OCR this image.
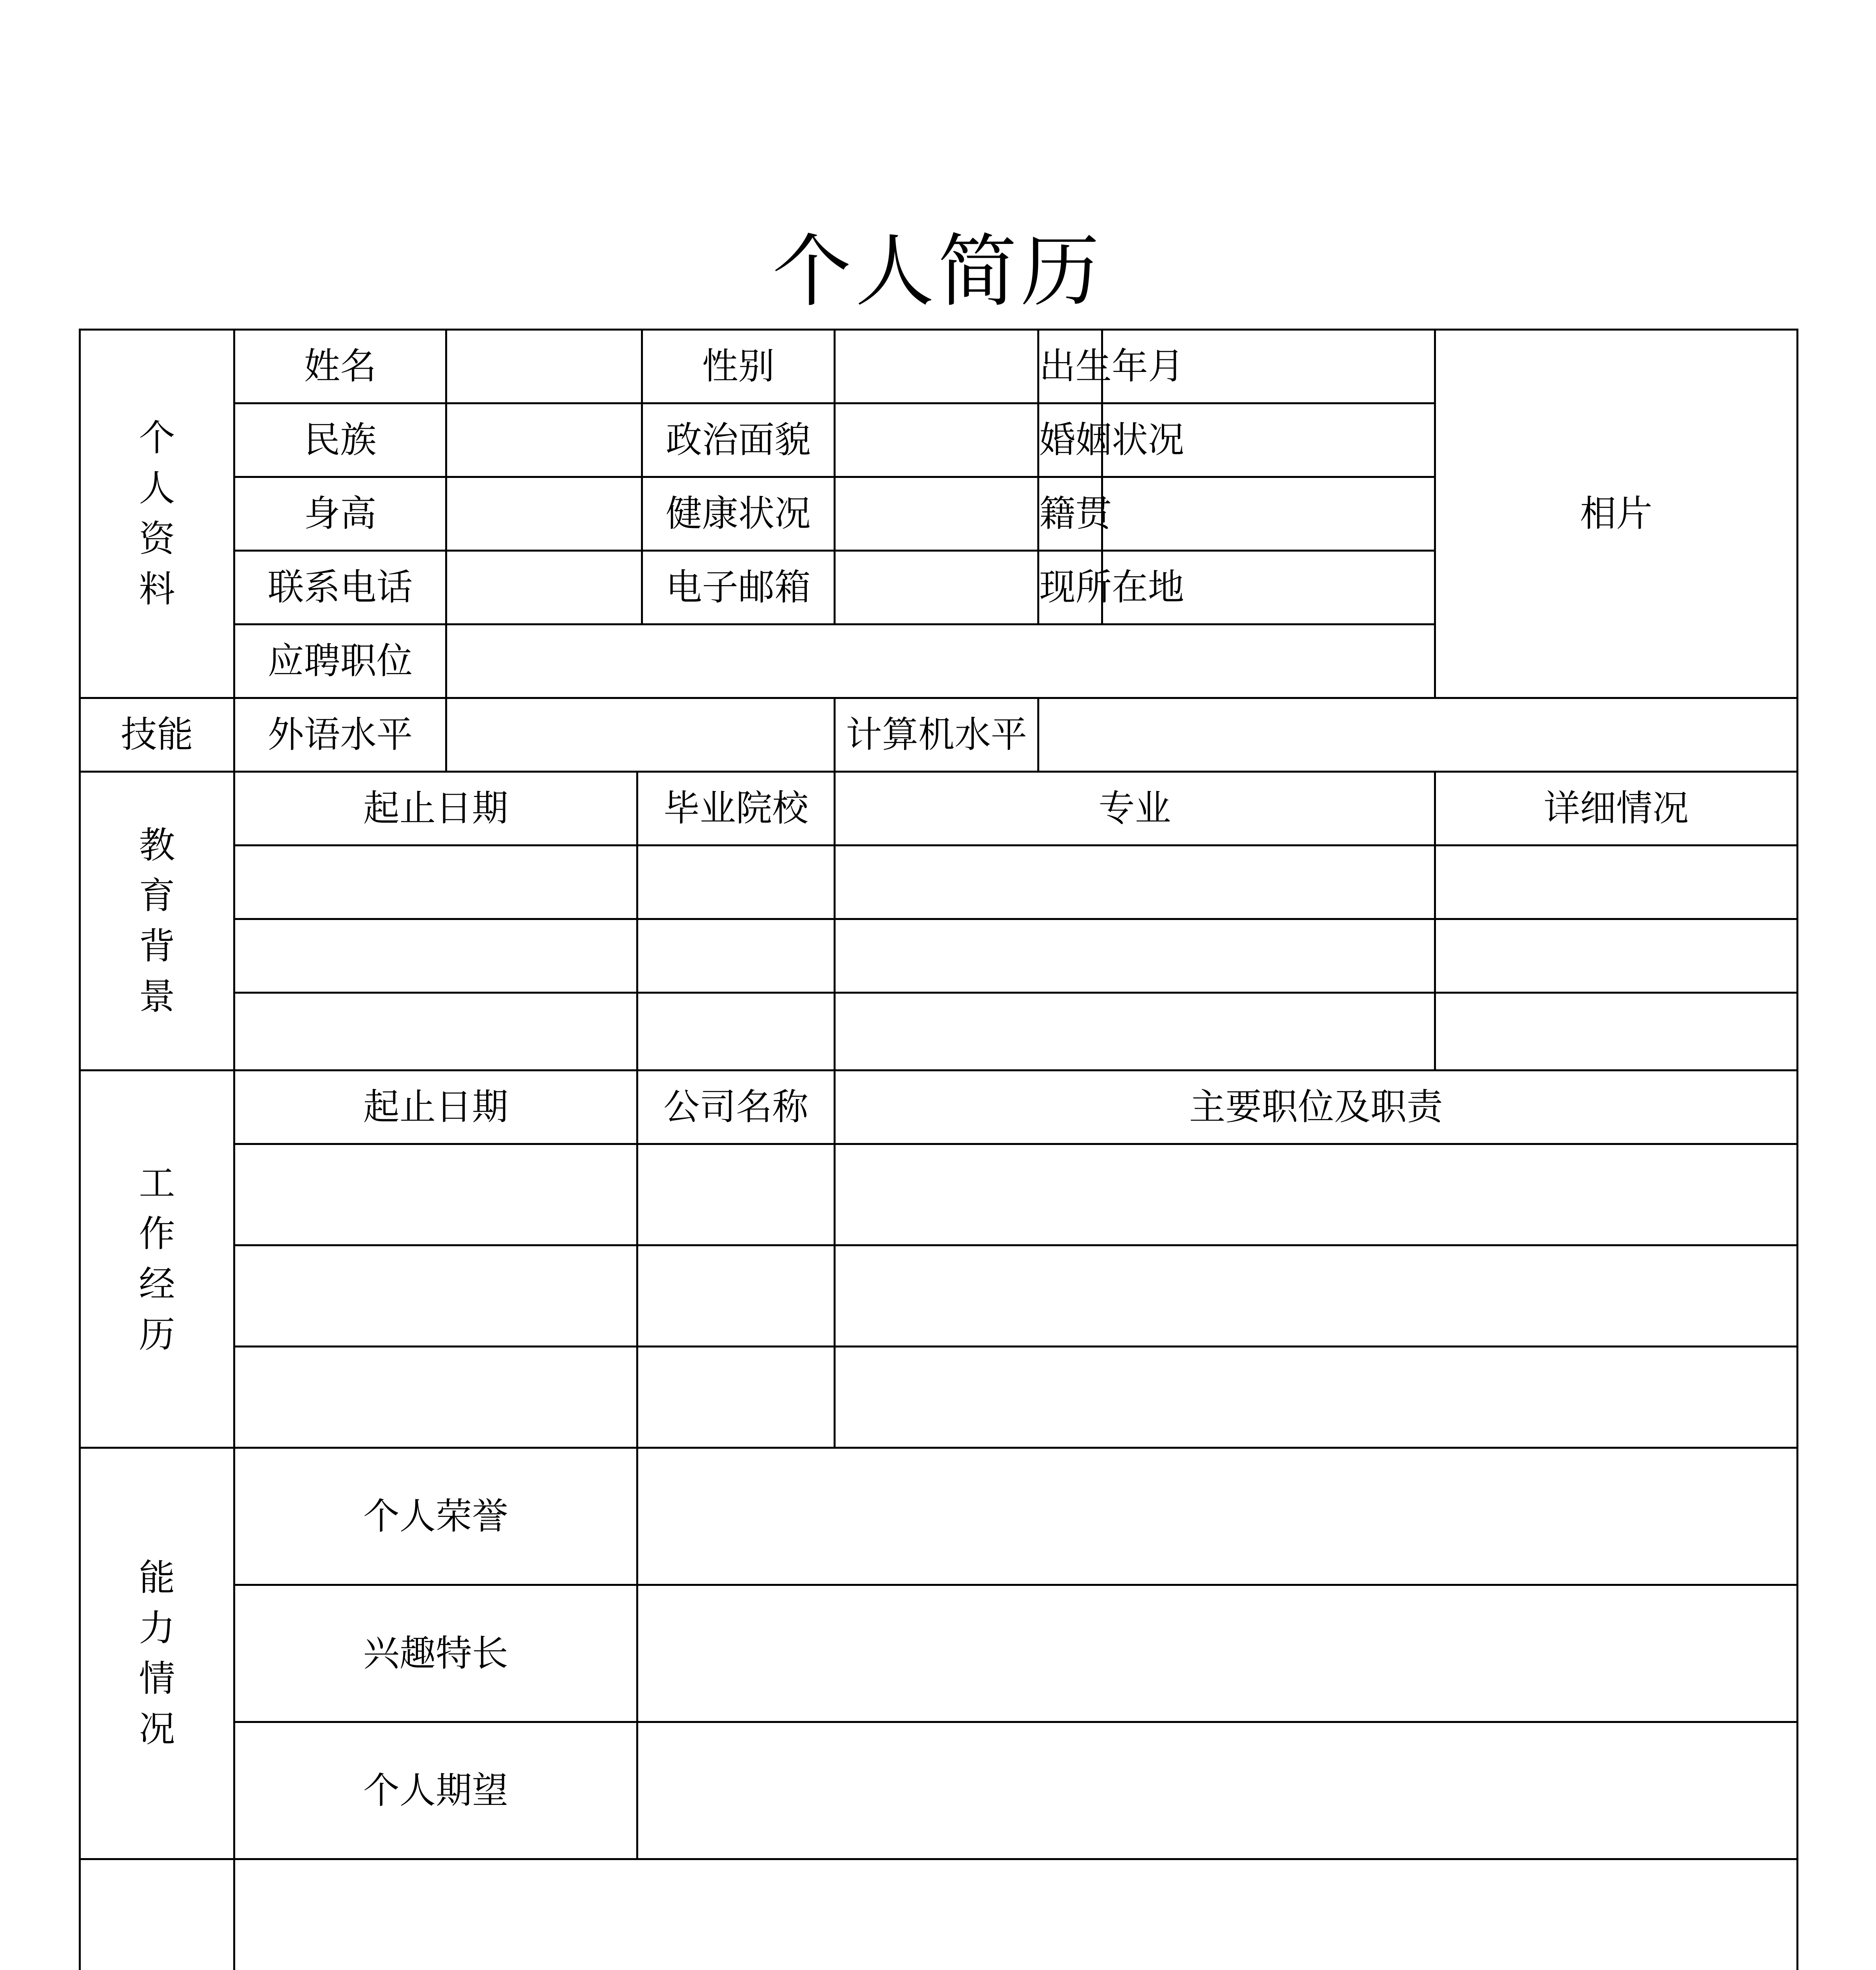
个人简历
个人资料	姓名			性别		出生年月		相片
	民族			政治面貌		婚姻状况		
	身高			健康状况		籍贯		
	联系电话			电子邮箱		现所在地		
	应聘职位							
技能	外语水平				计算机水平			
教育背景	起止日期		毕业院校		专业			详细情况

工作经历	起止日期		公司名称		主要职位及职责			

能力情况	个人荣誉							
	兴趣特长							
	个人期望							
